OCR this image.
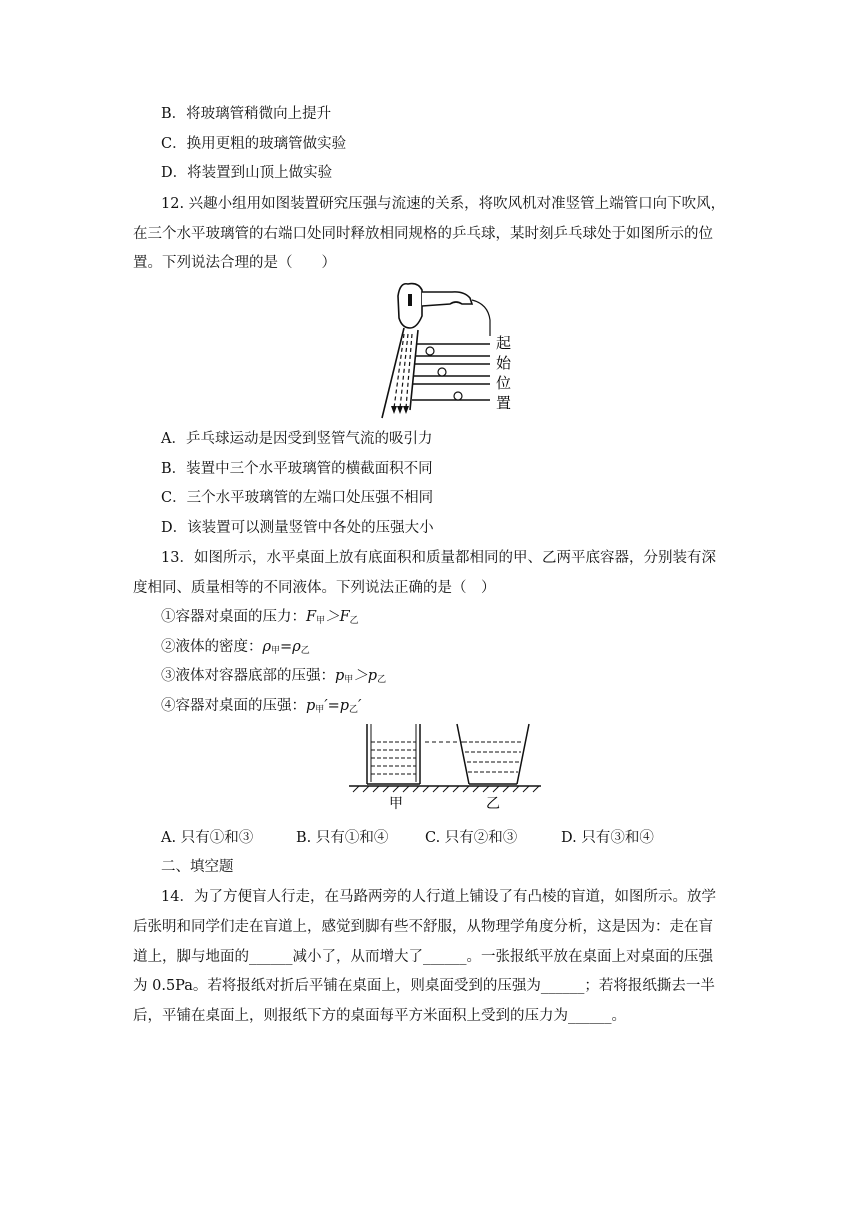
B．将玻璃管稍微向上提升
C．换用更粗的玻璃管做实验
D．将装置到山顶上做实验
12. 兴趣小组用如图装置研究压强与流速的关系，将吹风机对准竖管上端管口向下吹风，
在三个水平玻璃管的右端口处同时释放相同规格的乒乓球，某时刻乒乓球处于如图所示的位
置。下列说法合理的是（　　）
起
始
位
置
A．乒乓球运动是因受到竖管气流的吸引力
B．装置中三个水平玻璃管的横截面积不同
C．三个水平玻璃管的左端口处压强不相同
D．该装置可以测量竖管中各处的压强大小
13．如图所示，水平桌面上放有底面积和质量都相同的甲、乙两平底容器，分别装有深
度相同、质量相等的不同液体。下列说法正确的是（　）
①容器对桌面的压力：$F_甲>F_乙$
②液体的密度：$\rho_甲=\rho_乙$
③液体对容器底部的压强：$p_甲>p_乙$
④容器对桌面的压强：$p_甲'=p_乙'$
甲	乙
A. 只有①和③	B. 只有①和④	C. 只有②和③	D. 只有③和④
二、填空题
14．为了方便盲人行走，在马路两旁的人行道上铺设了有凸棱的盲道，如图所示。放学
后张明和同学们走在盲道上，感觉到脚有些不舒服，从物理学角度分析，这是因为：走在盲
道上，脚与地面的______减小了，从而增大了______。一张报纸平放在桌面上对桌面的压强
为 0.5Pa。若将报纸对折后平铺在桌面上，则桌面受到的压强为______；若将报纸撕去一半
后，平铺在桌面上，则报纸下方的桌面每平方米面积上受到的压力为______。
